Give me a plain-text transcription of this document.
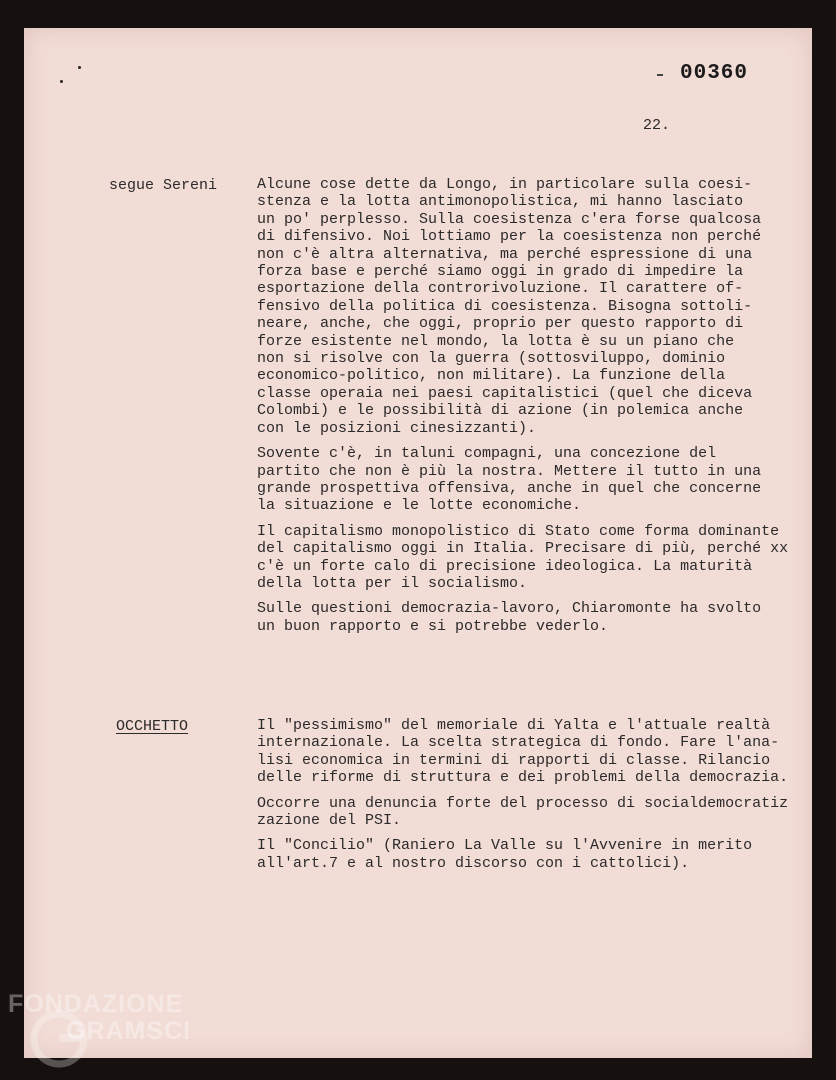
00360
22.
segue Sereni	Alcune cose dette da Longo, in particolare sulla coesi-
stenza e la lotta antimonopolistica, mi hanno lasciato
un po' perplesso. Sulla coesistenza c'era forse qualcosa
di difensivo. Noi lottiamo per la coesistenza non perché
non c'è altra alternativa, ma perché espressione di una
forza base e perché siamo oggi in grado di impedire la
esportazione della controrivoluzione. Il carattere of-
fensivo della politica di coesistenza. Bisogna sottoli-
neare, anche, che oggi, proprio per questo rapporto di
forze esistente nel mondo, la lotta è su un piano che
non si risolve con la guerra (sottosviluppo, dominio
economico-politico, non militare). La funzione della
classe operaia nei paesi capitalistici (quel che diceva
Colombi) e le possibilità di azione (in polemica anche
con le posizioni cinesizzanti).

Sovente c'è, in taluni compagni, una concezione del
partito che non è più la nostra. Mettere il tutto in una
grande prospettiva offensiva, anche in quel che concerne
la situazione e le lotte economiche.

Il capitalismo monopolistico di Stato come forma dominante
del capitalismo oggi in Italia. Precisare di più, perché xx
c'è un forte calo di precisione ideologica. La maturità
della lotta per il socialismo.

Sulle questioni democrazia-lavoro, Chiaromonte ha svolto
un buon rapporto e si potrebbe vederlo.

OCCHETTO	Il "pessimismo" del memoriale di Yalta e l'attuale realtà
internazionale. La scelta strategica di fondo. Fare l'ana-
lisi economica in termini di rapporti di classe. Rilancio
delle riforme di struttura e dei problemi della democrazia.

Occorre una denuncia forte del processo di socialdemocratiz
zazione del PSI.

Il "Concilio" (Raniero La Valle su l'Avvenire in merito
all'art.7 e al nostro discorso con i cattolici).

FONDAZIONE
GRAMSCI
